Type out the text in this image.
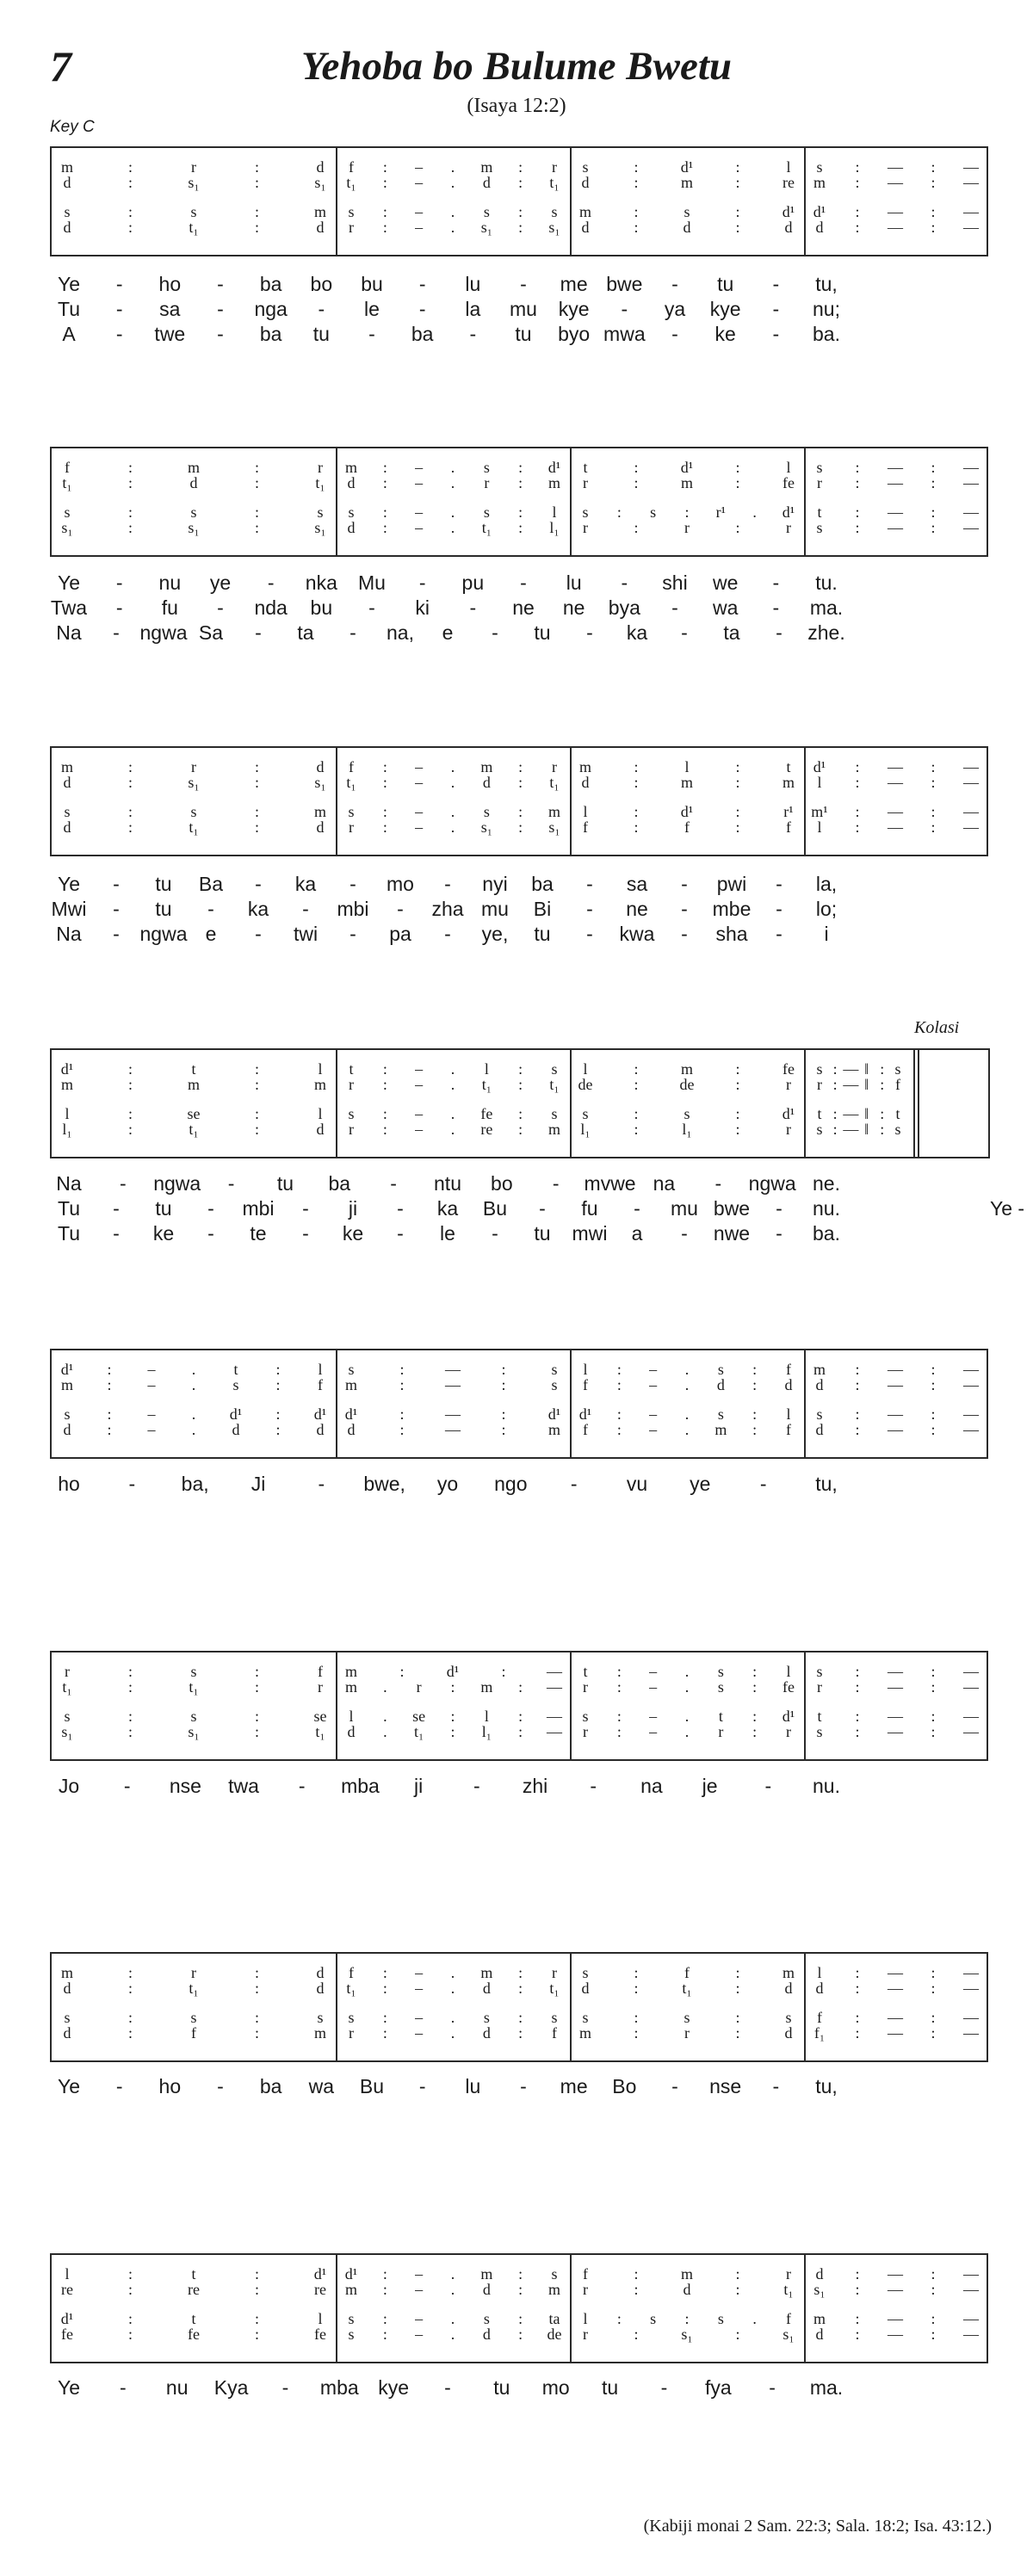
7	Yehoba bo Bulume Bwetu
(Isaya 12:2)
Key C
Kolasi
(Kabiji monai 2 Sam. 22:3; Sala. 18:2; Isa. 43:12.)
m	:	r	:	d f : – . m : r s	:	d¹	:	l s : — : —
d	:	s₁	:	s₁ t₁ : – . d : t₁ d	:	m	:	re m : — : —
s	:	s	:	m s : – . s : s m	:	s	:	d¹ d¹ : — : —
d	:	t₁	:	d r : – . s₁ : s₁ d	:	d	:	d d : — : —
Ye - ho - ba bo bu - lu - me bwe - tu - tu,
Tu - sa - nga - le - la mu kye - ya kye - nu;
A - twe - ba tu - ba - tu byo mwa - ke - ba.
f	:	m	:	r m : – . s : d¹ t	:	d¹	:	l s : — : —
t₁	:	d	:	t₁ d : – . r : m r	:	m	:	fe r : — : —
s	:	s	:	s s : – . s : l s : s : r¹ . d¹ t : — : —
s₁	:	s₁	:	s₁ d : – . t₁ : l₁ r	:	r	:	r s : — : —
Ye - nu ye - nka Mu - pu - lu - shi we - tu.
Twa - fu - nda bu - ki - ne ne bya - wa - ma.
Na - ngwa Sa - ta - na, e - tu - ka - ta - zhe.
m	:	r	:	d f : – . m : r m	:	l	:	t d¹ : — : —
d	:	s₁	:	s₁ t₁ : – . d : t₁ d	:	m	:	m l : — : —
s	:	s	:	m s : – . s : m l	:	d¹	:	r¹ m¹ : — : —
d	:	t₁	:	d r : – . s₁ : s₁ f	:	f	:	f l : — : —
Ye - tu Ba - ka - mo - nyi ba - sa - pwi - la,
Mwi - tu - ka - mbi - zha mu Bi - ne - mbe - lo;
Na - ngwa e - twi - pa - ye, tu - kwa - sha - i
d¹	:	t	:	l t : – . l : s l	:	m	:	fe s : — ‖ : s
m	:	m	:	m r : – . t₁ : t₁ de	:	de	:	r r : — ‖ : f
l	:	se	:	l s : – . fe : s s	:	s	:	d¹ t : — ‖ : t
l₁	:	t₁	:	d r : – . re : m l₁	:	l₁	:	r s : — ‖ : s
Na - ngwa - tu ba - ntu bo - mvwe na - ngwa ne.
Tu - tu - mbi - ji - ka Bu - fu - mu bwe - nu.	Ye -
Tu - ke - te - ke - le - tu mwi a - nwe - ba.
d¹ : – . t : l s	:	—	:	s l : – . s : f m : — : —
m : – . s : f m	:	—	:	s f : – . d : d d : — : —
s : – . d¹ : d¹ d¹	:	—	:	d¹ d¹ : – . s : l s : — : —
d : – . d : d d	:	—	:	m f : – . m : f d : — : —
ho - ba, Ji	- bwe, yo ngo - vu ye - tu,
r	:	s	:	f m	:	d¹	:	— t : – . s : l s : — : —
t₁	:	t₁	:	r m . r : m : — r : – . s : fe r : — : —
s	:	s	:	se l . se : l : — s : – . t : d¹ t : — : —
s₁	:	s₁	:	t₁ d . t₁ : l₁ : — r : – . r : r s : — : —
Jo - nse twa - mba ji	- zhi - na je - nu.
m	:	r	:	d f : – . m : r s	:	f	:	m l : — : —
d	:	t₁	:	d t₁ : – . d : t₁ d	:	t₁	:	d d : — : —
s	:	s	:	s s : – . s : s s	:	s	:	s f : — : —
d	:	f	:	m r : – . d : f m	:	r	:	d f₁ : — : —
Ye - ho - ba wa Bu - lu - me Bo - nse - tu,
l	:	t	:	d¹ d¹ : – . m : s f	:	m	:	r d : — : —
re	:	re	:	re m : – . d : m r	:	d	:	t₁ s₁ : — : —
d¹	:	t	:	l s : – . s : ta l : s : s . f m : — : —
fe	:	fe	:	fe s : – . d : de r	:	s₁	:	s₁ d : — : —
Ye - nu Kya - mba kye - tu mo tu - fya - ma.
